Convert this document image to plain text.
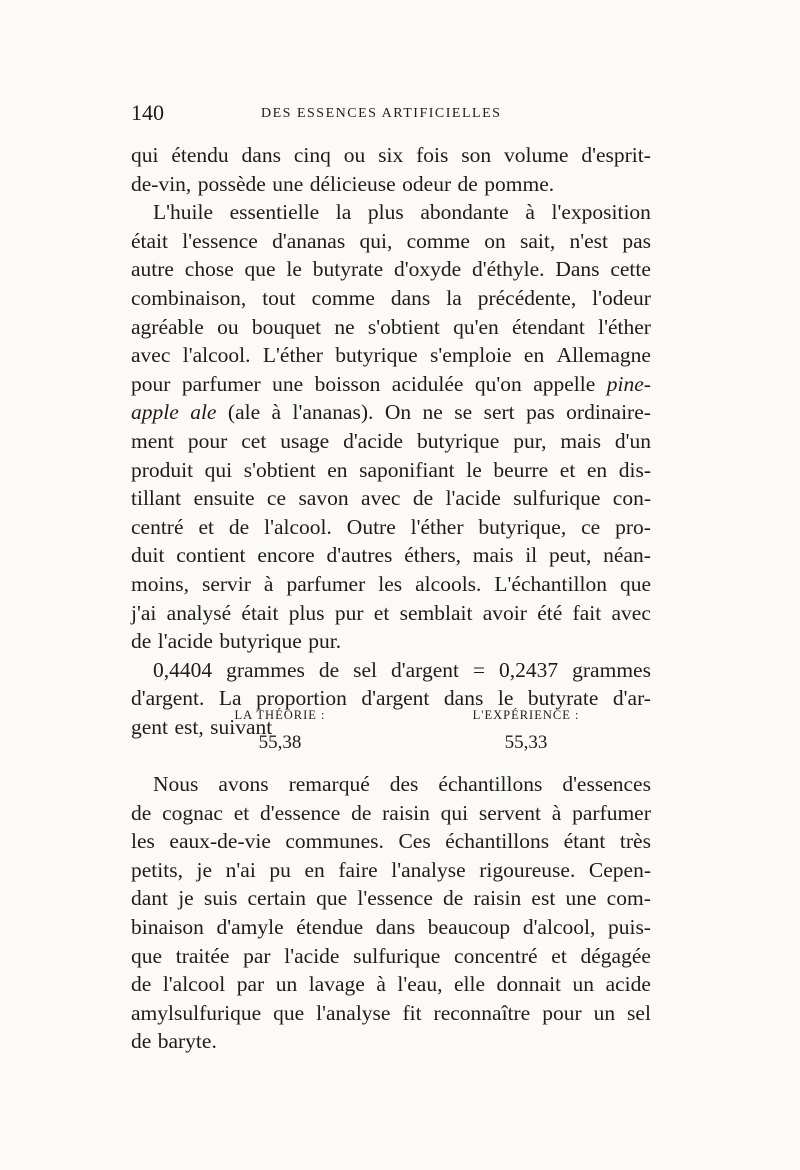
140	DES ESSENCES ARTIFICIELLES
qui étendu dans cinq ou six fois son volume d'esprit-
de-vin, possède une délicieuse odeur de pomme.
L'huile essentielle la plus abondante à l'exposition
était l'essence d'ananas qui, comme on sait, n'est pas
autre chose que le butyrate d'oxyde d'éthyle. Dans cette
combinaison, tout comme dans la précédente, l'odeur
agréable ou bouquet ne s'obtient qu'en étendant l'éther
avec l'alcool. L'éther butyrique s'emploie en Allemagne
pour parfumer une boisson acidulée qu'on appelle pine-
apple ale (ale à l'ananas). On ne se sert pas ordinaire-
ment pour cet usage d'acide butyrique pur, mais d'un
produit qui s'obtient en saponifiant le beurre et en dis-
tillant ensuite ce savon avec de l'acide sulfurique con-
centré et de l'alcool. Outre l'éther butyrique, ce pro-
duit contient encore d'autres éthers, mais il peut, néan-
moins, servir à parfumer les alcools. L'échantillon que
j'ai analysé était plus pur et semblait avoir été fait avec
de l'acide butyrique pur.
0,4404 grammes de sel d'argent = 0,2437 grammes
d'argent. La proportion d'argent dans le butyrate d'ar-
gent est, suivant
LA THÉORIE :
55,38
L'EXPÉRIENCE :
55,33
Nous avons remarqué des échantillons d'essences
de cognac et d'essence de raisin qui servent à parfumer
les eaux-de-vie communes. Ces échantillons étant très
petits, je n'ai pu en faire l'analyse rigoureuse. Cepen-
dant je suis certain que l'essence de raisin est une com-
binaison d'amyle étendue dans beaucoup d'alcool, puis-
que traitée par l'acide sulfurique concentré et dégagée
de l'alcool par un lavage à l'eau, elle donnait un acide
amylsulfurique que l'analyse fit reconnaître pour un sel
de baryte.
